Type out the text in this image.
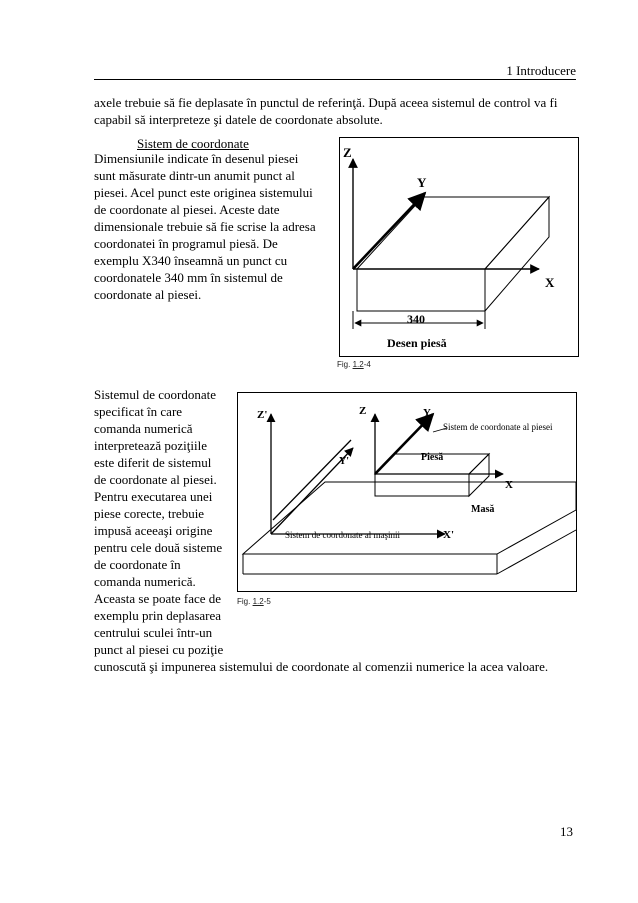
1 Introducere
axele trebuie să fie deplasate în punctul de referinţă. După aceea sistemul de control va fi capabil să interpreteze şi datele de coordonate absolute.
Sistem de coordonate
Dimensiunile indicate în desenul piesei
sunt măsurate dintr-un anumit punct al
piesei. Acel punct este originea sistemului
de coordonate al piesei. Aceste date
dimensionale trebuie să fie scrise la adresa
coordonatei în programul piesă. De
exemplu X340 înseamnă un punct cu
coordonatele 340 mm în sistemul de
coordonate al piesei.
Z
Y
X
340
Desen piesă
Fig. 1.2-4
Sistemul de coordonate
specificat în care
comanda numerică
interpretează poziţiile
este diferit de sistemul
de coordonate al piesei.
Pentru executarea unei
piese corecte, trebuie
impusă aceeaşi origine
pentru cele două sisteme
de coordonate în
comanda numerică.
Aceasta se poate face de
exemplu prin deplasarea
centrului sculei într-un
punct al piesei cu poziţie
cunoscută şi impunerea sistemului de coordonate al comenzii numerice la acea valoare.
Z'	Z	Y
Y'
X
X'
Sistem de coordonate al piesei
Piesă
Masă
Sistem de coordonate al maşinii
Fig. 1.2-5
13
